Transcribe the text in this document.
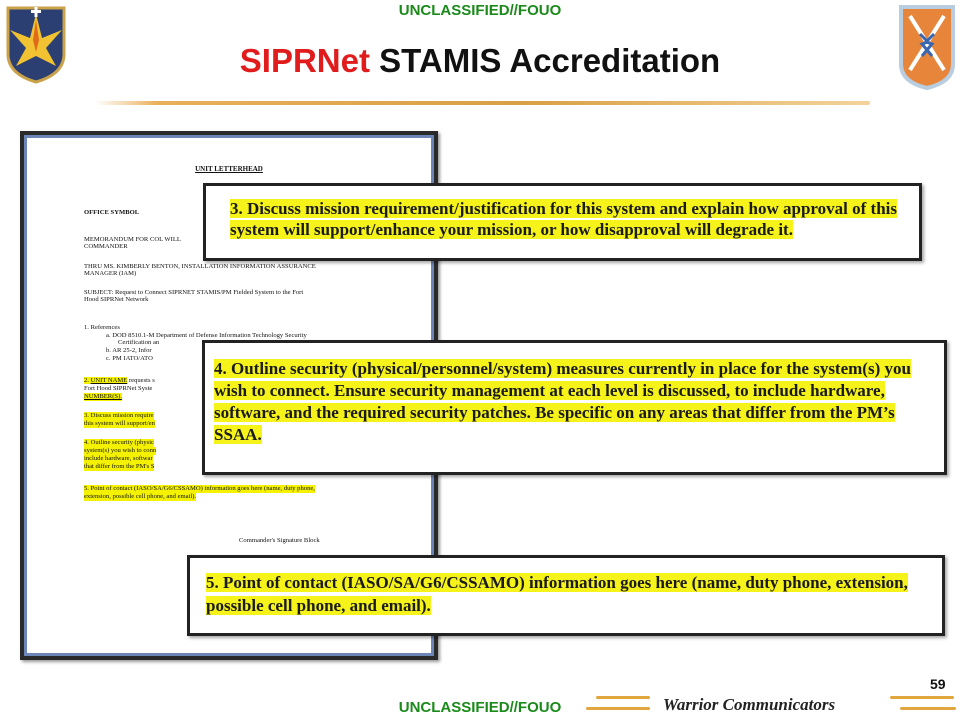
UNCLASSIFIED//FOUO
SIPRNet STAMIS Accreditation
UNIT LETTERHEAD
OFFICE SYMBOL
MEMORANDUM FOR COL WILL
COMMANDER
THRU MS. KIMBERLY BENTON, INSTALLATION INFORMATION ASSURANCE
MANAGER (IAM)
SUBJECT: Request to Connect SIPRNET STAMIS/PM Fielded System to the Fort
Hood SIPRNet Network
1. References
a. DOD 8510.1-M Department of Defense Information Technology Security
Certification an
b. AR 25-2, Infor
c. PM IATO/ATO
2. UNIT NAME requests s
Fort Hood SIPRNet Syste
NUMBER(S).
3. Discuss mission require
this system will support/en
4. Outline security (physic
system(s) you wish to conn
include hardware, softwar
that differ from the PM's S
5. Point of contact (IASO/SA/G6/CSSAMO) information goes here (name, duty phone,
extension, possible cell phone, and email).
Commander's Signature Block
3. Discuss mission requirement/justification for this system and explain how approval of this system will support/enhance your mission, or how disapproval will degrade it.
4. Outline security (physical/personnel/system) measures currently in place for the system(s) you wish to connect. Ensure security management at each level is discussed, to include hardware, software, and the required security patches. Be specific on any areas that differ from the PM’s SSAA.
5. Point of contact (IASO/SA/G6/CSSAMO) information goes here (name, duty phone, extension, possible cell phone, and email).
59
UNCLASSIFIED//FOUO	Warrior Communicators
